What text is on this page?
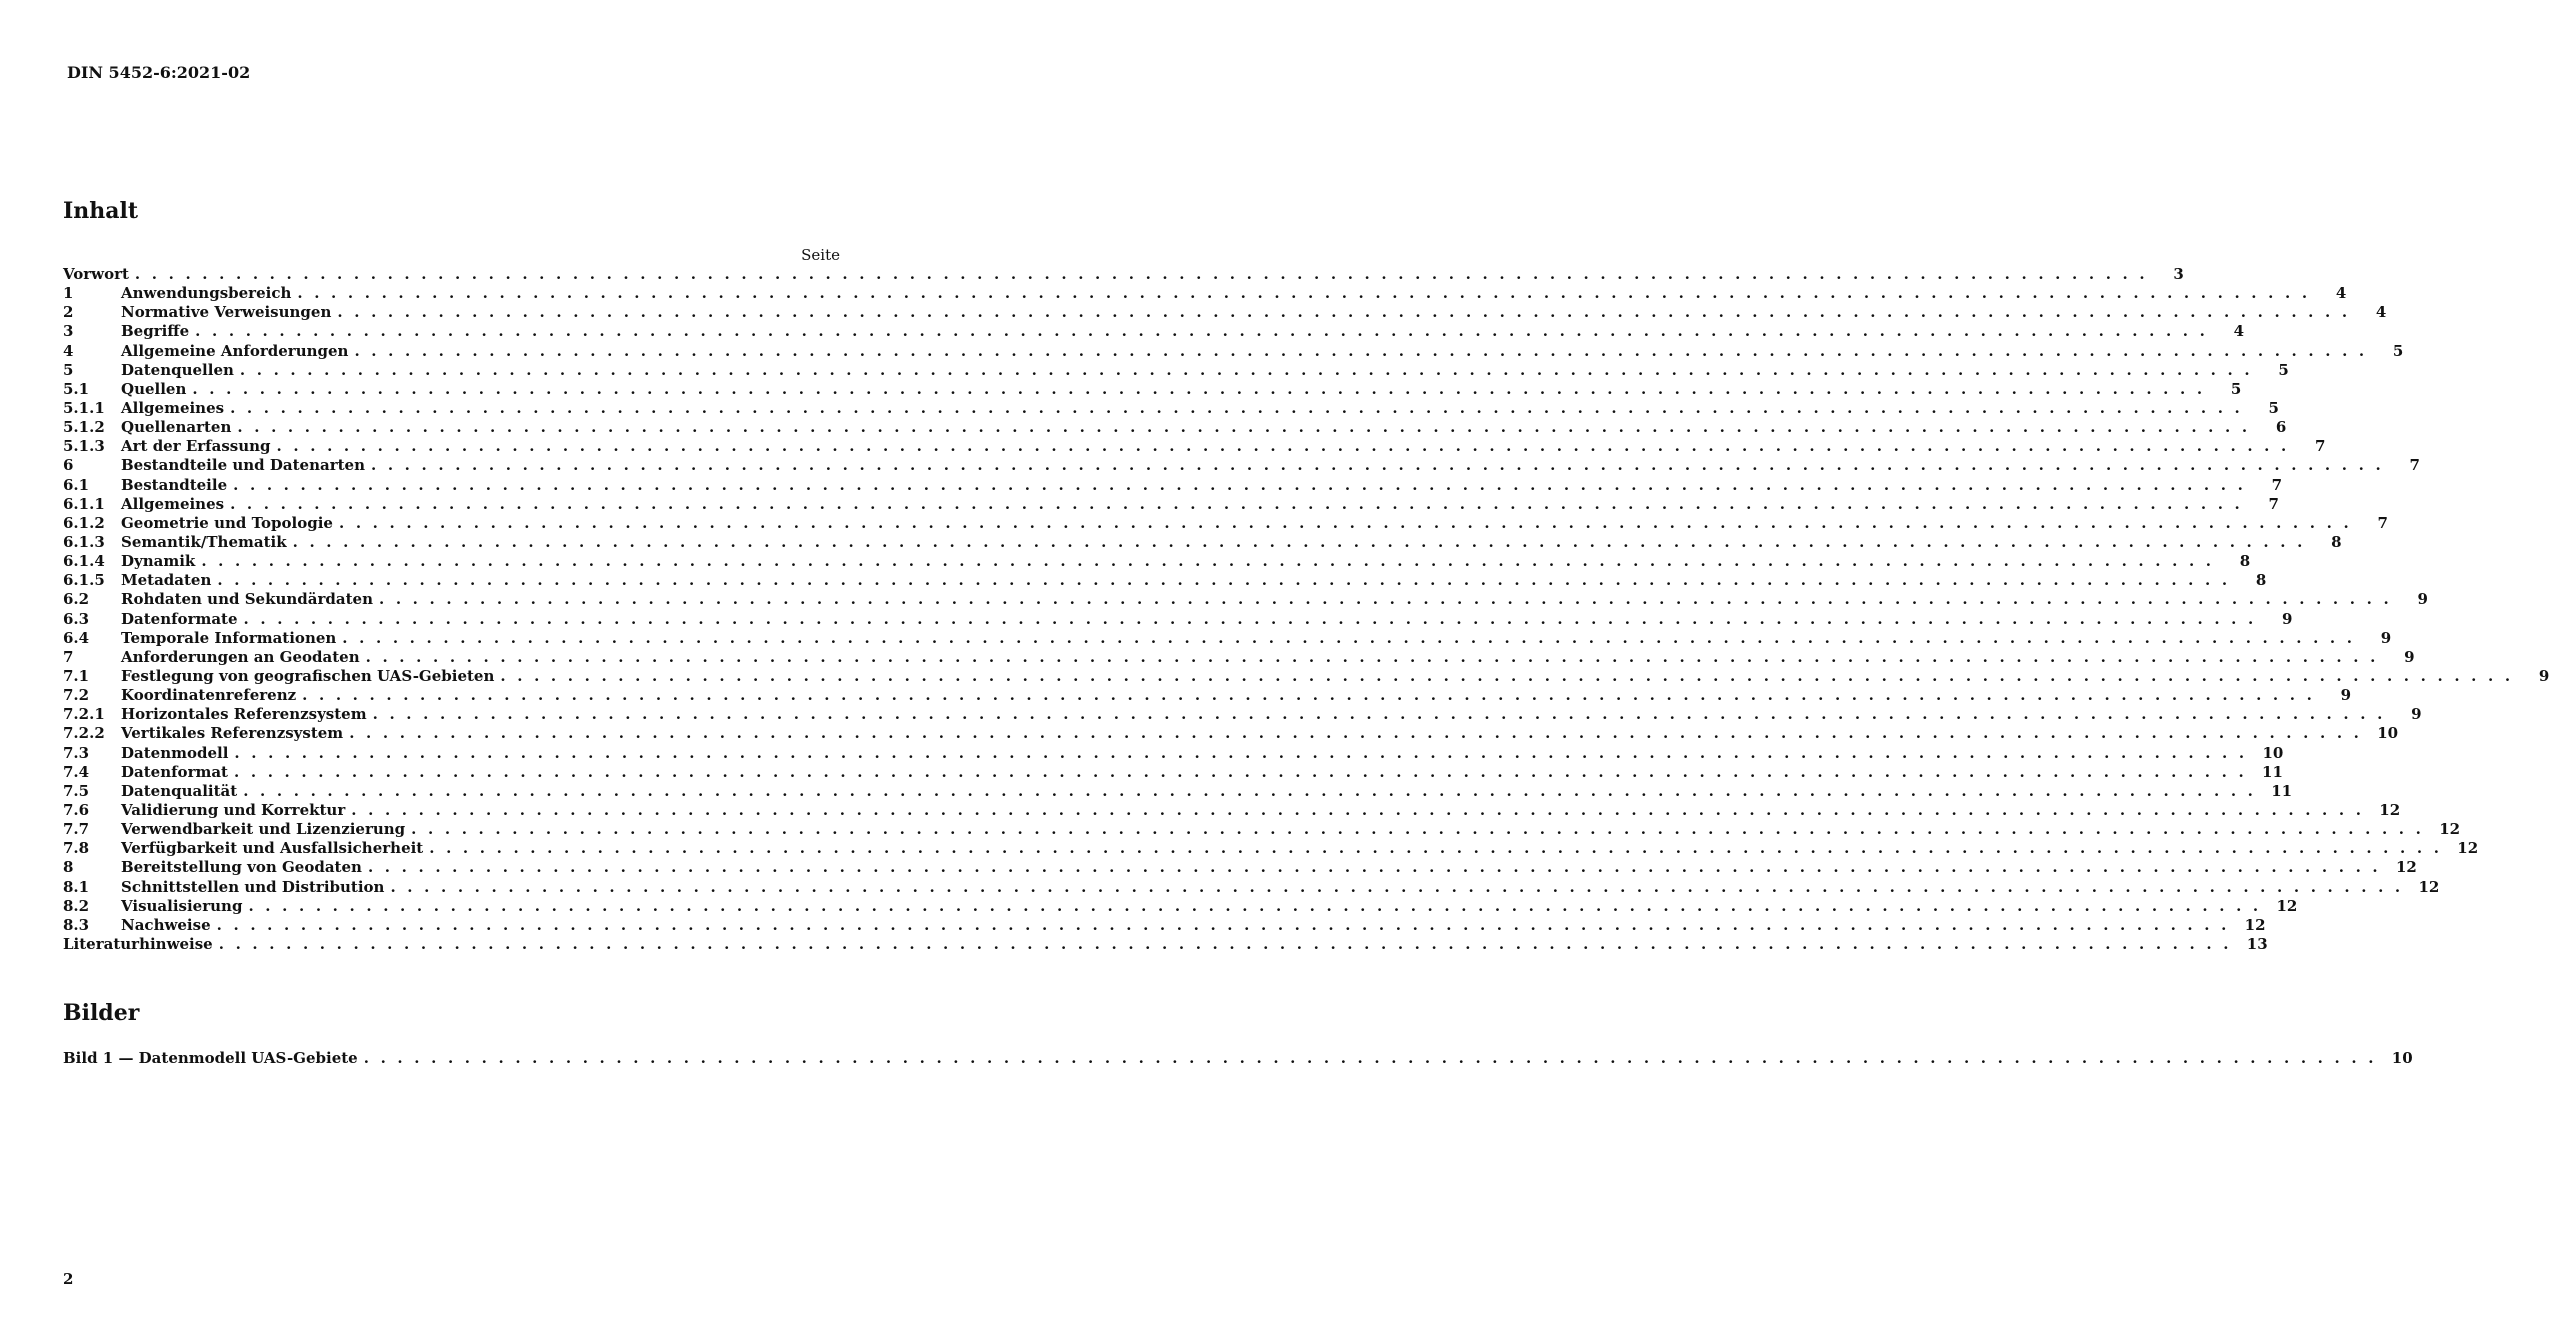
DIN 5452-6:2021-02
Inhalt
Seite
Vorwort . . . . . . . . . . . . . . . . . . . . . . . . . . . . . . . . . . . . . . . . . . . . . . . . . . . . . . . . . . . . . . . . . . . . . . . . . . . . . . . . . . . . . . . . . . . . . . . . . . . . . . . . . . . . . . . . . . . . . . . .	3
1	Anwendungsbereich . . . . . . . . . . . . . . . . . . . . . . . . . . . . . . . . . . . . . . . . . . . . . . . . . . . . . . . . . . . . . . . . . . . . . . . . . . . . . . . . . . . . . . . . . . . . . . . . . . . . . . . . . . . . . . . . . . . . . . . .	4
2	Normative Verweisungen . . . . . . . . . . . . . . . . . . . . . . . . . . . . . . . . . . . . . . . . . . . . . . . . . . . . . . . . . . . . . . . . . . . . . . . . . . . . . . . . . . . . . . . . . . . . . . . . . . . . . . . . . . . . . . . . . . . . . . . .	4
3	Begriffe . . . . . . . . . . . . . . . . . . . . . . . . . . . . . . . . . . . . . . . . . . . . . . . . . . . . . . . . . . . . . . . . . . . . . . . . . . . . . . . . . . . . . . . . . . . . . . . . . . . . . . . . . . . . . . . . . . . . . . . .	4
4	Allgemeine Anforderungen . . . . . . . . . . . . . . . . . . . . . . . . . . . . . . . . . . . . . . . . . . . . . . . . . . . . . . . . . . . . . . . . . . . . . . . . . . . . . . . . . . . . . . . . . . . . . . . . . . . . . . . . . . . . . . . . . . . . . . . .	5
5	Datenquellen . . . . . . . . . . . . . . . . . . . . . . . . . . . . . . . . . . . . . . . . . . . . . . . . . . . . . . . . . . . . . . . . . . . . . . . . . . . . . . . . . . . . . . . . . . . . . . . . . . . . . . . . . . . . . . . . . . . . . . . .	5
5.1	Quellen . . . . . . . . . . . . . . . . . . . . . . . . . . . . . . . . . . . . . . . . . . . . . . . . . . . . . . . . . . . . . . . . . . . . . . . . . . . . . . . . . . . . . . . . . . . . . . . . . . . . . . . . . . . . . . . . . . . . . . . .	5
5.1.1	Allgemeines . . . . . . . . . . . . . . . . . . . . . . . . . . . . . . . . . . . . . . . . . . . . . . . . . . . . . . . . . . . . . . . . . . . . . . . . . . . . . . . . . . . . . . . . . . . . . . . . . . . . . . . . . . . . . . . . . . . . . . . .	5
5.1.2	Quellenarten . . . . . . . . . . . . . . . . . . . . . . . . . . . . . . . . . . . . . . . . . . . . . . . . . . . . . . . . . . . . . . . . . . . . . . . . . . . . . . . . . . . . . . . . . . . . . . . . . . . . . . . . . . . . . . . . . . . . . . . .	6
5.1.3	Art der Erfassung . . . . . . . . . . . . . . . . . . . . . . . . . . . . . . . . . . . . . . . . . . . . . . . . . . . . . . . . . . . . . . . . . . . . . . . . . . . . . . . . . . . . . . . . . . . . . . . . . . . . . . . . . . . . . . . . . . . . . . . .	7
6	Bestandteile und Datenarten . . . . . . . . . . . . . . . . . . . . . . . . . . . . . . . . . . . . . . . . . . . . . . . . . . . . . . . . . . . . . . . . . . . . . . . . . . . . . . . . . . . . . . . . . . . . . . . . . . . . . . . . . . . . . . . . . . . . . . . .	7
6.1	Bestandteile . . . . . . . . . . . . . . . . . . . . . . . . . . . . . . . . . . . . . . . . . . . . . . . . . . . . . . . . . . . . . . . . . . . . . . . . . . . . . . . . . . . . . . . . . . . . . . . . . . . . . . . . . . . . . . . . . . . . . . . .	7
6.1.1	Allgemeines . . . . . . . . . . . . . . . . . . . . . . . . . . . . . . . . . . . . . . . . . . . . . . . . . . . . . . . . . . . . . . . . . . . . . . . . . . . . . . . . . . . . . . . . . . . . . . . . . . . . . . . . . . . . . . . . . . . . . . . .	7
6.1.2	Geometrie und Topologie . . . . . . . . . . . . . . . . . . . . . . . . . . . . . . . . . . . . . . . . . . . . . . . . . . . . . . . . . . . . . . . . . . . . . . . . . . . . . . . . . . . . . . . . . . . . . . . . . . . . . . . . . . . . . . . . . . . . . . . .	7
6.1.3	Semantik/Thematik . . . . . . . . . . . . . . . . . . . . . . . . . . . . . . . . . . . . . . . . . . . . . . . . . . . . . . . . . . . . . . . . . . . . . . . . . . . . . . . . . . . . . . . . . . . . . . . . . . . . . . . . . . . . . . . . . . . . . . . .	8
6.1.4	Dynamik . . . . . . . . . . . . . . . . . . . . . . . . . . . . . . . . . . . . . . . . . . . . . . . . . . . . . . . . . . . . . . . . . . . . . . . . . . . . . . . . . . . . . . . . . . . . . . . . . . . . . . . . . . . . . . . . . . . . . . . .	8
6.1.5	Metadaten . . . . . . . . . . . . . . . . . . . . . . . . . . . . . . . . . . . . . . . . . . . . . . . . . . . . . . . . . . . . . . . . . . . . . . . . . . . . . . . . . . . . . . . . . . . . . . . . . . . . . . . . . . . . . . . . . . . . . . . .	8
6.2	Rohdaten und Sekundärdaten . . . . . . . . . . . . . . . . . . . . . . . . . . . . . . . . . . . . . . . . . . . . . . . . . . . . . . . . . . . . . . . . . . . . . . . . . . . . . . . . . . . . . . . . . . . . . . . . . . . . . . . . . . . . . . . . . . . . . . . .	9
6.3	Datenformate . . . . . . . . . . . . . . . . . . . . . . . . . . . . . . . . . . . . . . . . . . . . . . . . . . . . . . . . . . . . . . . . . . . . . . . . . . . . . . . . . . . . . . . . . . . . . . . . . . . . . . . . . . . . . . . . . . . . . . . .	9
6.4	Temporale Informationen . . . . . . . . . . . . . . . . . . . . . . . . . . . . . . . . . . . . . . . . . . . . . . . . . . . . . . . . . . . . . . . . . . . . . . . . . . . . . . . . . . . . . . . . . . . . . . . . . . . . . . . . . . . . . . . . . . . . . . . .	9
7	Anforderungen an Geodaten . . . . . . . . . . . . . . . . . . . . . . . . . . . . . . . . . . . . . . . . . . . . . . . . . . . . . . . . . . . . . . . . . . . . . . . . . . . . . . . . . . . . . . . . . . . . . . . . . . . . . . . . . . . . . . . . . . . . . . . .	9
7.1	Festlegung von geografischen UAS-Gebieten . . . . . . . . . . . . . . . . . . . . . . . . . . . . . . . . . . . . . . . . . . . . . . . . . . . . . . . . . . . . . . . . . . . . . . . . . . . . . . . . . . . . . . . . . . . . . . . . . . . . . . . . . . . . . . . . . . . . . . . .	9
7.2	Koordinatenreferenz . . . . . . . . . . . . . . . . . . . . . . . . . . . . . . . . . . . . . . . . . . . . . . . . . . . . . . . . . . . . . . . . . . . . . . . . . . . . . . . . . . . . . . . . . . . . . . . . . . . . . . . . . . . . . . . . . . . . . . . .	9
7.2.1	Horizontales Referenzsystem . . . . . . . . . . . . . . . . . . . . . . . . . . . . . . . . . . . . . . . . . . . . . . . . . . . . . . . . . . . . . . . . . . . . . . . . . . . . . . . . . . . . . . . . . . . . . . . . . . . . . . . . . . . . . . . . . . . . . . . .	9
7.2.2	Vertikales Referenzsystem . . . . . . . . . . . . . . . . . . . . . . . . . . . . . . . . . . . . . . . . . . . . . . . . . . . . . . . . . . . . . . . . . . . . . . . . . . . . . . . . . . . . . . . . . . . . . . . . . . . . . . . . . . . . . . . . . . . . . . . .	10
7.3	Datenmodell . . . . . . . . . . . . . . . . . . . . . . . . . . . . . . . . . . . . . . . . . . . . . . . . . . . . . . . . . . . . . . . . . . . . . . . . . . . . . . . . . . . . . . . . . . . . . . . . . . . . . . . . . . . . . . . . . . . . . . . .	10
7.4	Datenformat . . . . . . . . . . . . . . . . . . . . . . . . . . . . . . . . . . . . . . . . . . . . . . . . . . . . . . . . . . . . . . . . . . . . . . . . . . . . . . . . . . . . . . . . . . . . . . . . . . . . . . . . . . . . . . . . . . . . . . . .	11
7.5	Datenqualität . . . . . . . . . . . . . . . . . . . . . . . . . . . . . . . . . . . . . . . . . . . . . . . . . . . . . . . . . . . . . . . . . . . . . . . . . . . . . . . . . . . . . . . . . . . . . . . . . . . . . . . . . . . . . . . . . . . . . . . .	11
7.6	Validierung und Korrektur . . . . . . . . . . . . . . . . . . . . . . . . . . . . . . . . . . . . . . . . . . . . . . . . . . . . . . . . . . . . . . . . . . . . . . . . . . . . . . . . . . . . . . . . . . . . . . . . . . . . . . . . . . . . . . . . . . . . . . . .	12
7.7	Verwendbarkeit und Lizenzierung . . . . . . . . . . . . . . . . . . . . . . . . . . . . . . . . . . . . . . . . . . . . . . . . . . . . . . . . . . . . . . . . . . . . . . . . . . . . . . . . . . . . . . . . . . . . . . . . . . . . . . . . . . . . . . . . . . . . . . . .	12
7.8	Verfügbarkeit und Ausfallsicherheit . . . . . . . . . . . . . . . . . . . . . . . . . . . . . . . . . . . . . . . . . . . . . . . . . . . . . . . . . . . . . . . . . . . . . . . . . . . . . . . . . . . . . . . . . . . . . . . . . . . . . . . . . . . . . . . . . . . . . . . .	12
8	Bereitstellung von Geodaten . . . . . . . . . . . . . . . . . . . . . . . . . . . . . . . . . . . . . . . . . . . . . . . . . . . . . . . . . . . . . . . . . . . . . . . . . . . . . . . . . . . . . . . . . . . . . . . . . . . . . . . . . . . . . . . . . . . . . . . .	12
8.1	Schnittstellen und Distribution . . . . . . . . . . . . . . . . . . . . . . . . . . . . . . . . . . . . . . . . . . . . . . . . . . . . . . . . . . . . . . . . . . . . . . . . . . . . . . . . . . . . . . . . . . . . . . . . . . . . . . . . . . . . . . . . . . . . . . . .	12
8.2	Visualisierung . . . . . . . . . . . . . . . . . . . . . . . . . . . . . . . . . . . . . . . . . . . . . . . . . . . . . . . . . . . . . . . . . . . . . . . . . . . . . . . . . . . . . . . . . . . . . . . . . . . . . . . . . . . . . . . . . . . . . . . .	12
8.3	Nachweise . . . . . . . . . . . . . . . . . . . . . . . . . . . . . . . . . . . . . . . . . . . . . . . . . . . . . . . . . . . . . . . . . . . . . . . . . . . . . . . . . . . . . . . . . . . . . . . . . . . . . . . . . . . . . . . . . . . . . . . .	12
Literaturhinweise . . . . . . . . . . . . . . . . . . . . . . . . . . . . . . . . . . . . . . . . . . . . . . . . . . . . . . . . . . . . . . . . . . . . . . . . . . . . . . . . . . . . . . . . . . . . . . . . . . . . . . . . . . . . . . . . . . . . . . . .	13
Bilder
Bild 1 — Datenmodell UAS-Gebiete . . . . . . . . . . . . . . . . . . . . . . . . . . . . . . . . . . . . . . . . . . . . . . . . . . . . . . . . . . . . . . . . . . . . . . . . . . . . . . . . . . . . . . . . . . . . . . . . . . . . . . . . . . . . . . . . . . . . . . . .	10
2
